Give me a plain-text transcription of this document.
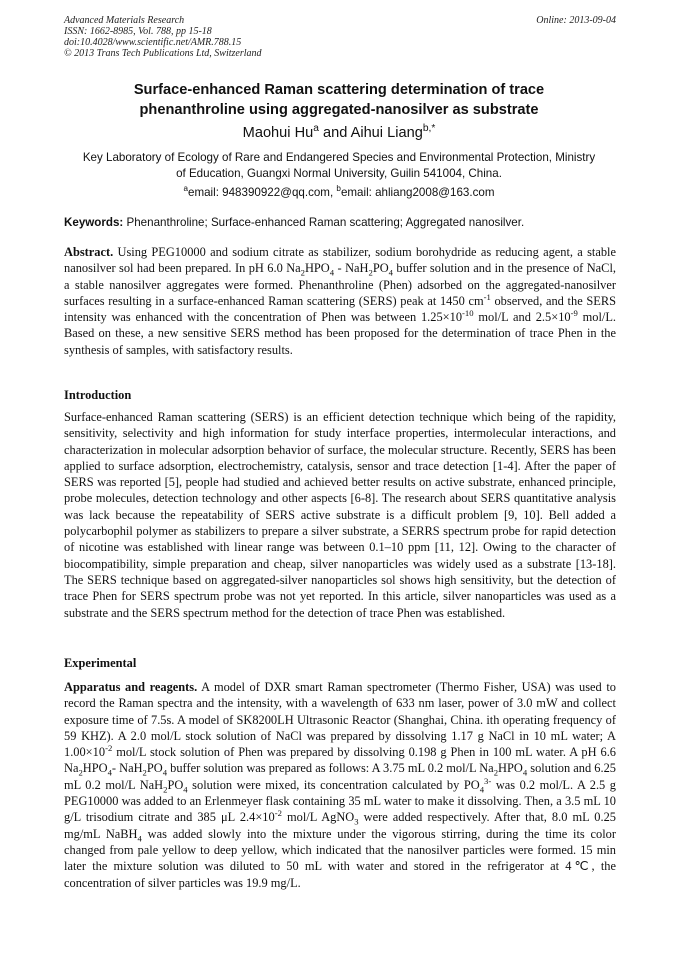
Advanced Materials Research
ISSN: 1662-8985, Vol. 788, pp 15-18
doi:10.4028/www.scientific.net/AMR.788.15
© 2013 Trans Tech Publications Ltd, Switzerland
Online: 2013-09-04
Surface-enhanced Raman scattering determination of trace
phenanthroline using aggregated-nanosilver as substrate
Maohui Hu$^a$ and Aihui Liang$^{b,*}$
Key Laboratory of Ecology of Rare and Endangered Species and Environmental Protection, Ministry
of Education, Guangxi Normal University, Guilin 541004, China.
$^a$email: 948390922@qq.com, $^b$email: ahliang2008@163.com
Keywords: Phenanthroline; Surface-enhanced Raman scattering; Aggregated nanosilver.
Abstract. Using PEG10000 and sodium citrate as stabilizer, sodium borohydride as reducing agent, a stable nanosilver sol had been prepared. In pH 6.0 $Na_2HPO_4 - NaH_2PO_4$ buffer solution and in the presence of NaCl, a stable nanosilver aggregates were formed. Phenanthroline (Phen) adsorbed on the aggregated-nanosilver surfaces resulting in a surface-enhanced Raman scattering (SERS) peak at 1450 $cm^{-1}$ observed, and the SERS intensity was enhanced with the concentration of Phen was between $1.25\times 10^{-10}$ mol/L and $2.5\times 10^{-9}$ mol/L. Based on these, a new sensitive SERS method has been proposed for the determination of trace Phen in the synthesis of samples, with satisfactory results.
Introduction
Surface-enhanced Raman scattering (SERS) is an efficient detection technique which being of the rapidity, sensitivity, selectivity and high information for study interface properties, intermolecular interactions, and characterization in molecular adsorption behavior of surface, the molecular structure. Recently, SERS has been applied to surface adsorption, electrochemistry, catalysis, sensor and trace detection [1-4]. After the paper of SERS was reported [5], people had studied and achieved better results on active substrate, enhanced principle, probe molecules, detection technology and other aspects [6-8]. The research about SERS quantitative analysis was lack because the repeatability of SERS active substrate is a difficult problem [9, 10]. Bell added a polycarbophil polymer as stabilizers to prepare a silver substrate, a SERRS spectrum probe for rapid detection of nicotine was established with linear range was between 0.1–10 ppm [11, 12]. Owing to the character of biocompatibility, simple preparation and cheap, silver nanoparticles was widely used as a substrate [13-18]. The SERS technique based on aggregated-silver nanoparticles sol shows high sensitivity, but the detection of trace Phen for SERS spectrum probe was not yet reported. In this article, silver nanoparticles was used as a substrate and the SERS spectrum method for the detection of trace Phen was established.
Experimental
Apparatus and reagents. A model of DXR smart Raman spectrometer (Thermo Fisher, USA) was used to record the Raman spectra and the intensity, with a wavelength of 633 nm laser, power of 3.0 mW and collect exposure time of 7.5s. A model of SK8200LH Ultrasonic Reactor (Shanghai, China. ith operating frequency of 59 KHZ). A 2.0 mol/L stock solution of NaCl was prepared by dissolving 1.17 g NaCl in 10 mL water; A $1.00\times 10^{-2}$ mol/L stock solution of Phen was prepared by dissolving 0.198 g Phen in 100 mL water. A pH 6.6 $Na_2HPO_4-$ $NaH_2PO_4$ buffer solution was prepared as follows: A 3.75 mL 0.2 mol/L $Na_2HPO_4$ solution and 6.25 mL 0.2 mol/L $NaH_2PO_4$ solution were mixed, its concentration calculated by $PO_4^{3-}$ was 0.2 mol/L. A 2.5 g PEG10000 was added to an Erlenmeyer flask containing 35 mL water to make it dissolving. Then, a 3.5 mL 10 g/L trisodium citrate and 385 μL $2.4\times 10^{-2}$ mol/L AgNO$_3$ were added respectively. After that, 8.0 mL 0.25 mg/mL NaBH$_4$ was added slowly into the mixture under the vigorous stirring, during the time its color changed from pale yellow to deep yellow, which indicated that the nanosilver particles were formed. 15 min later the mixture solution was diluted to 50 mL with water and stored in the refrigerator at 4℃, the concentration of silver particles was 19.9 mg/L.
